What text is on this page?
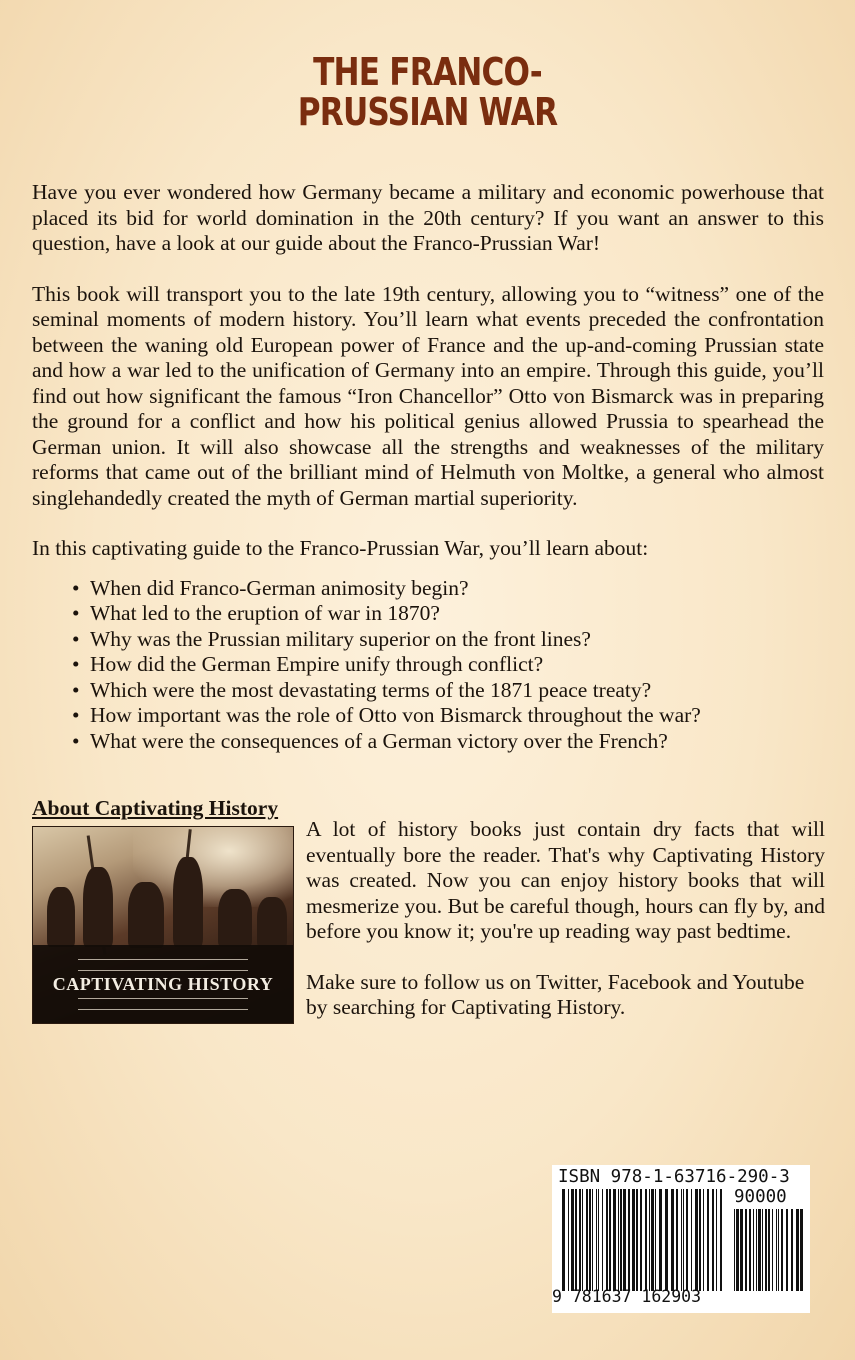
THE FRANCO-
PRUSSIAN WAR

Have you ever wondered how Germany became a military and economic powerhouse that placed its bid for world domination in the 20th century? If you want an answer to this question, have a look at our guide about the Franco-Prussian War!

This book will transport you to the late 19th century, allowing you to “witness” one of the seminal moments of modern history. You’ll learn what events preceded the confrontation between the waning old European power of France and the up-and-coming Prussian state and how a war led to the unification of Germany into an empire. Through this guide, you’ll find out how significant the famous “Iron Chancellor” Otto von Bismarck was in preparing the ground for a conflict and how his political genius allowed Prussia to spearhead the German union. It will also showcase all the strengths and weaknesses of the military reforms that came out of the brilliant mind of Helmuth von Moltke, a general who almost singlehandedly created the myth of German martial superiority.

In this captivating guide to the Franco-Prussian War, you’ll learn about:

• When did Franco-German animosity begin?
• What led to the eruption of war in 1870?
• Why was the Prussian military superior on the front lines?
• How did the German Empire unify through conflict?
• Which were the most devastating terms of the 1871 peace treaty?
• How important was the role of Otto von Bismarck throughout the war?
• What were the consequences of a German victory over the French?
About Captivating History
CAPTIVATING HISTORY

A lot of history books just contain dry facts that will eventually bore the reader. That's why Captivating History was created. Now you can enjoy history books that will mesmerize you. But be careful though, hours can fly by, and before you know it; you're up reading way past bedtime.

Make sure to follow us on Twitter, Facebook and Youtube by searching for Captivating History.

ISBN 978-1-63716-290-3
90000
9 781637 162903
